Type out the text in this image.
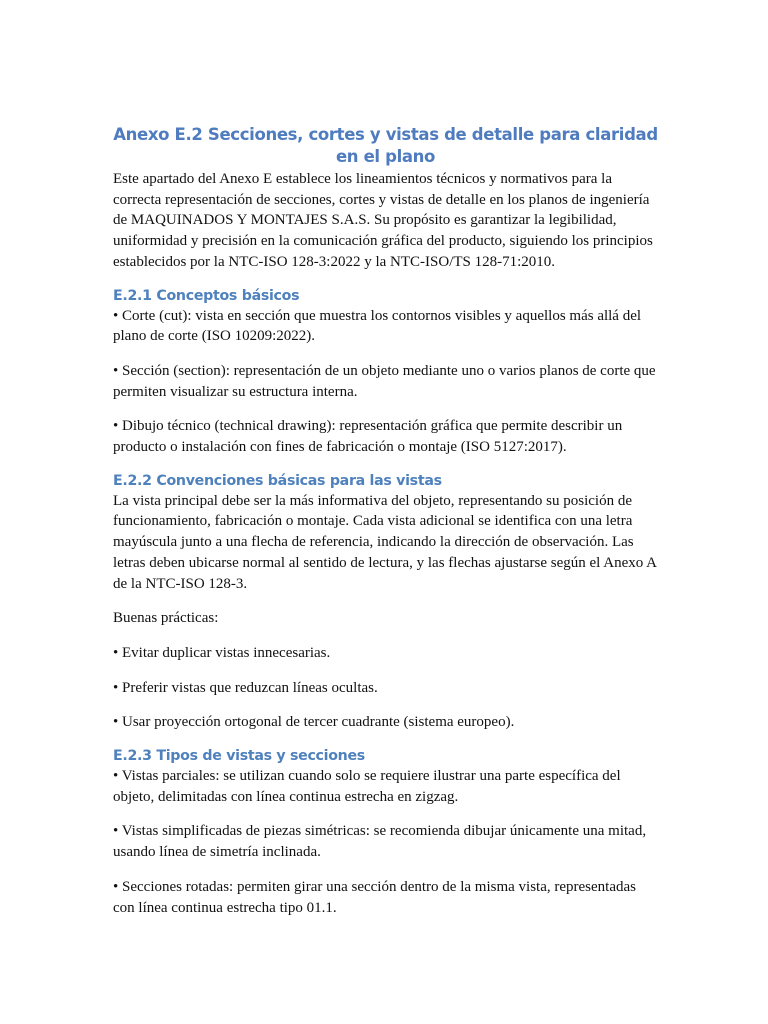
Anexo E.2 Secciones, cortes y vistas de detalle para claridad en el plano

Este apartado del Anexo E establece los lineamientos técnicos y normativos para la correcta representación de secciones, cortes y vistas de detalle en los planos de ingeniería de MAQUINADOS Y MONTAJES S.A.S. Su propósito es garantizar la legibilidad, uniformidad y precisión en la comunicación gráfica del producto, siguiendo los principios establecidos por la NTC-ISO 128-3:2022 y la NTC-ISO/TS 128-71:2010.

E.2.1 Conceptos básicos

• Corte (cut): vista en sección que muestra los contornos visibles y aquellos más allá del plano de corte (ISO 10209:2022).

• Sección (section): representación de un objeto mediante uno o varios planos de corte que permiten visualizar su estructura interna.

• Dibujo técnico (technical drawing): representación gráfica que permite describir un producto o instalación con fines de fabricación o montaje (ISO 5127:2017).

E.2.2 Convenciones básicas para las vistas

La vista principal debe ser la más informativa del objeto, representando su posición de funcionamiento, fabricación o montaje. Cada vista adicional se identifica con una letra mayúscula junto a una flecha de referencia, indicando la dirección de observación. Las letras deben ubicarse normal al sentido de lectura, y las flechas ajustarse según el Anexo A de la NTC-ISO 128-3.

Buenas prácticas:

• Evitar duplicar vistas innecesarias.

• Preferir vistas que reduzcan líneas ocultas.

• Usar proyección ortogonal de tercer cuadrante (sistema europeo).

E.2.3 Tipos de vistas y secciones

• Vistas parciales: se utilizan cuando solo se requiere ilustrar una parte específica del objeto, delimitadas con línea continua estrecha en zigzag.

• Vistas simplificadas de piezas simétricas: se recomienda dibujar únicamente una mitad, usando línea de simetría inclinada.

• Secciones rotadas: permiten girar una sección dentro de la misma vista, representadas con línea continua estrecha tipo 01.1.
